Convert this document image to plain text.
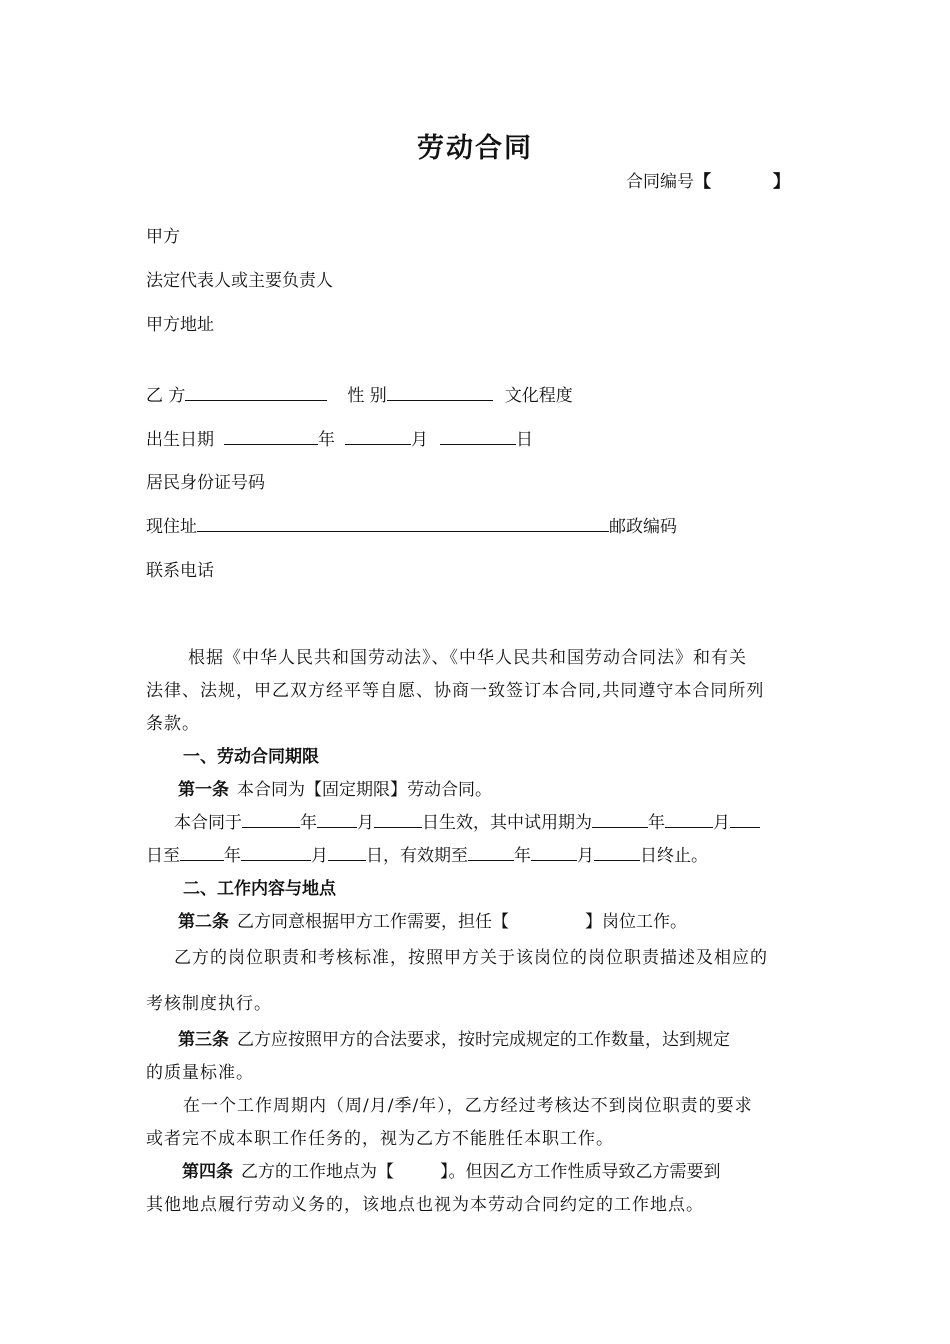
劳动合同
合同编号【	】
甲方
法定代表人或主要负责人
甲方地址
乙 方	性 别	文化程度
出生日期	年	月	日
居民身份证号码
现住址	邮政编码
联系电话
根据《中华人民共和国劳动法》、《中华人民共和国劳动合同法》和有关
法律、法规，甲乙双方经平等自愿、协商一致签订本合同,共同遵守本合同所列
条款。
一、劳动合同期限
第一条 本合同为【固定期限】劳动合同。
本合同于	年 月	日生效，其中试用期为	年	月
日至	年	月 日，有效期至	年	月	日终止。
二、工作内容与地点
第二条 乙方同意根据甲方工作需要，担任【	】岗位工作。
乙方的岗位职责和考核标准，按照甲方关于该岗位的岗位职责描述及相应的
考核制度执行。
第三条 乙方应按照甲方的合法要求，按时完成规定的工作数量，达到规定
的质量标准。
在一个工作周期内（周/月/季/年），乙方经过考核达不到岗位职责的要求
或者完不成本职工作任务的，视为乙方不能胜任本职工作。
第四条 乙方的工作地点为【	】。但因乙方工作性质导致乙方需要到
其他地点履行劳动义务的，该地点也视为本劳动合同约定的工作地点。
